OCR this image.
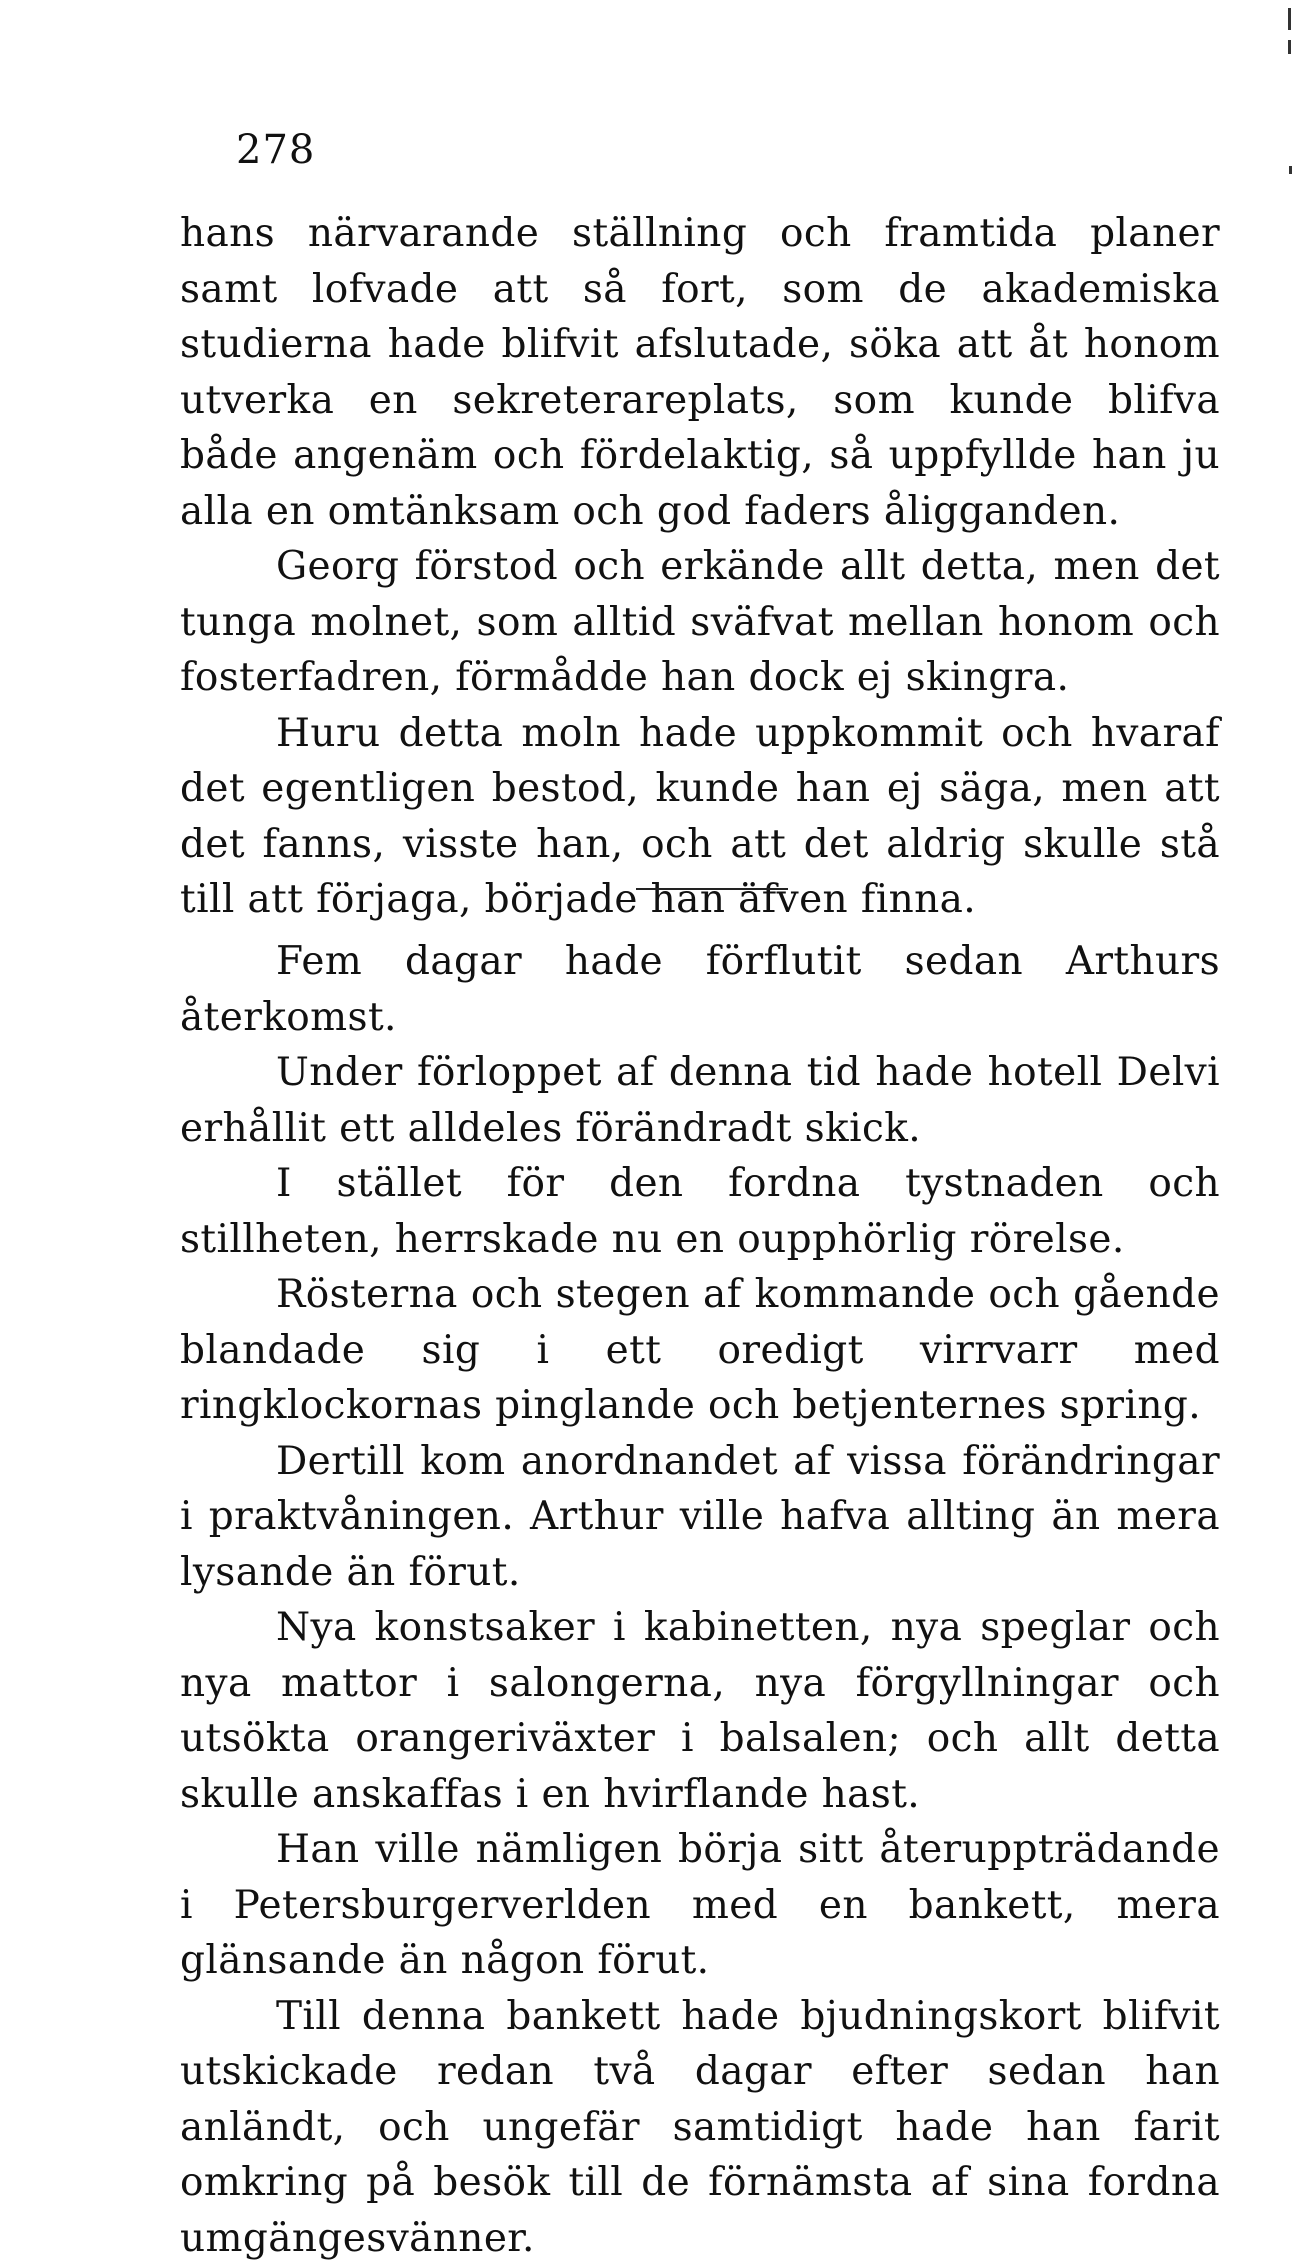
278

hans närvarande ställning och framtida planer samt lofvade att så fort, som de akademiska studierna hade blifvit afslutade, söka att åt honom utverka en sekreterareplats, som kunde blifva både angenäm och fördelaktig, så uppfyllde han ju alla en omtänksam och god faders åligganden.

Georg förstod och erkände allt detta, men det tunga molnet, som alltid sväfvat mellan honom och fosterfadren, förmådde han dock ej skingra.

Huru detta moln hade uppkommit och hvaraf det egentligen bestod, kunde han ej säga, men att det fanns, visste han, och att det aldrig skulle stå till att förjaga, började han äfven finna.

Fem dagar hade förflutit sedan Arthurs återkomst.

Under förloppet af denna tid hade hotell Delvi erhållit ett alldeles förändradt skick.

I stället för den fordna tystnaden och stillheten, herrskade nu en oupphörlig rörelse.

Rösterna och stegen af kommande och gående blandade sig i ett oredigt virrvarr med ringklockornas pinglande och betjenternes spring.

Dertill kom anordnandet af vissa förändringar i praktvåningen. Arthur ville hafva allting än mera lysande än förut.

Nya konstsaker i kabinetten, nya speglar och nya mattor i salongerna, nya förgyllningar och utsökta orangeriväxter i balsalen; och allt detta skulle anskaffas i en hvirflande hast.

Han ville nämligen börja sitt återuppträdande i Petersburgerverlden med en bankett, mera glänsande än någon förut.

Till denna bankett hade bjudningskort blifvit utskickade redan två dagar efter sedan han anländt, och ungefär samtidigt hade han farit omkring på besök till de förnämsta af sina fordna umgängesvänner.
